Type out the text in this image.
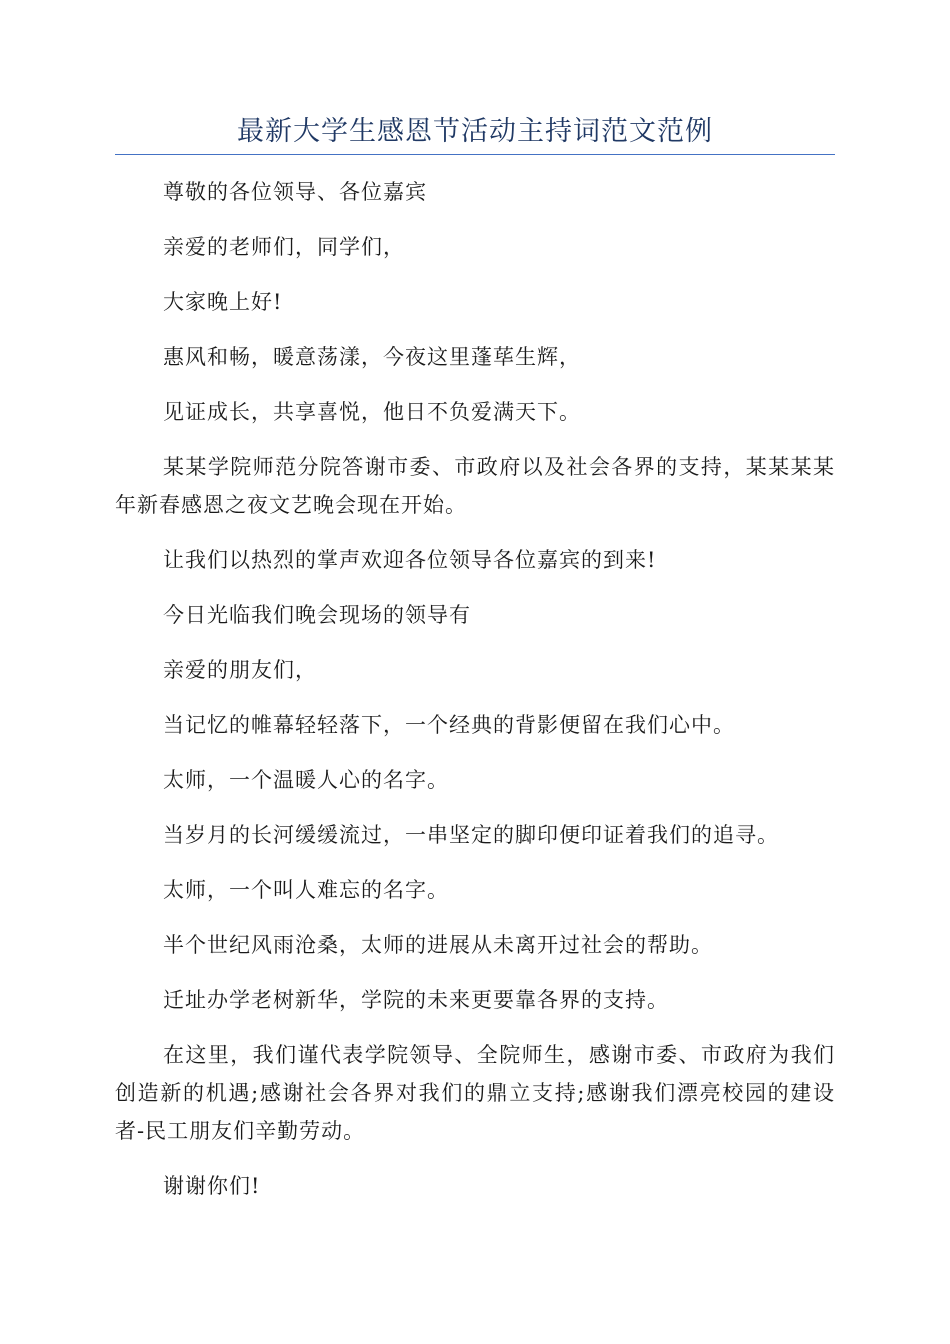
最新大学生感恩节活动主持词范文范例

尊敬的各位领导、各位嘉宾

亲爱的老师们，同学们，

大家晚上好!

惠风和畅，暖意荡漾，今夜这里蓬荜生辉，

见证成长，共享喜悦，他日不负爱满天下。

某某学院师范分院答谢市委、市政府以及社会各界的支持，某某某某年新春感恩之夜文艺晚会现在开始。

让我们以热烈的掌声欢迎各位领导各位嘉宾的到来!

今日光临我们晚会现场的领导有

亲爱的朋友们，

当记忆的帷幕轻轻落下，一个经典的背影便留在我们心中。

太师，一个温暖人心的名字。

当岁月的长河缓缓流过，一串坚定的脚印便印证着我们的追寻。

太师，一个叫人难忘的名字。

半个世纪风雨沧桑，太师的进展从未离开过社会的帮助。

迁址办学老树新华，学院的未来更要靠各界的支持。

在这里，我们谨代表学院领导、全院师生，感谢市委、市政府为我们创造新的机遇;感谢社会各界对我们的鼎立支持;感谢我们漂亮校园的建设者-民工朋友们辛勤劳动。

谢谢你们!
